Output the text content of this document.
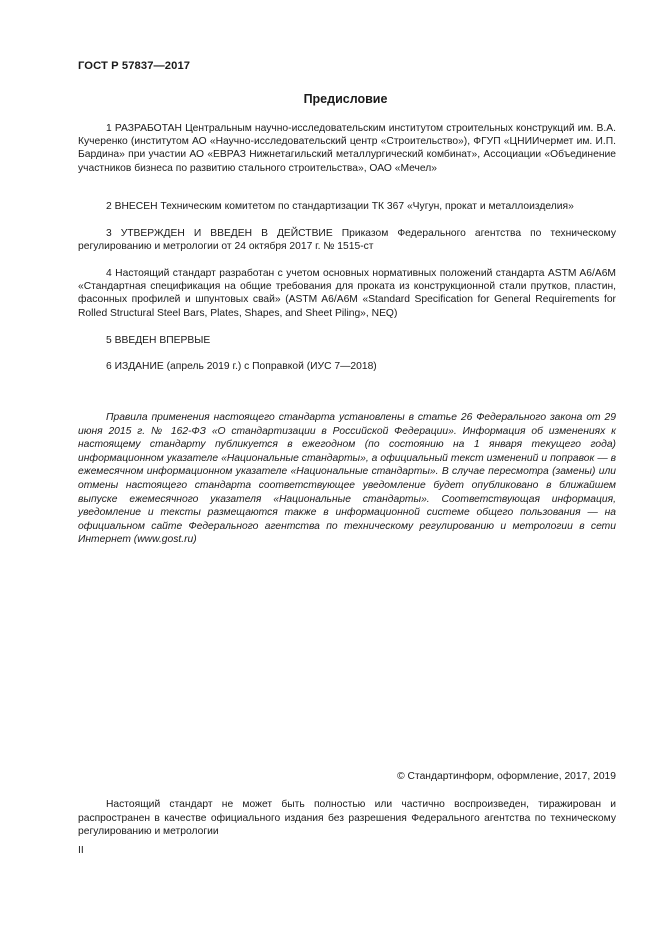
ГОСТ Р 57837—2017
Предисловие

1 РАЗРАБОТАН Центральным научно-исследовательским институтом строительных конструкций им. В.А. Кучеренко (институтом АО «Научно-исследовательский центр «Строительство»), ФГУП «ЦНИИчермет им. И.П. Бардина» при участии АО «ЕВРАЗ Нижнетагильский металлургический комбинат», Ассоциации «Объединение участников бизнеса по развитию стального строительства», ОАО «Мечел»

2 ВНЕСЕН Техническим комитетом по стандартизации ТК 367 «Чугун, прокат и металлоизделия»

3 УТВЕРЖДЕН И ВВЕДЕН В ДЕЙСТВИЕ Приказом Федерального агентства по техническому регулированию и метрологии от 24 октября 2017 г. № 1515-ст

4 Настоящий стандарт разработан с учетом основных нормативных положений стандарта ASTM A6/A6M «Стандартная спецификация на общие требования для проката из конструкционной стали прутков, пластин, фасонных профилей и шпунтовых свай» (ASTM A6/A6M «Standard Specification for General Requirements for Rolled Structural Steel Bars, Plates, Shapes, and Sheet Piling», NEQ)

5 ВВЕДЕН ВПЕРВЫЕ

6 ИЗДАНИЕ (апрель 2019 г.) с Поправкой (ИУС 7—2018)

Правила применения настоящего стандарта установлены в статье 26 Федерального закона от 29 июня 2015 г. № 162-ФЗ «О стандартизации в Российской Федерации». Информация об изменениях к настоящему стандарту публикуется в ежегодном (по состоянию на 1 января текущего года) информационном указателе «Национальные стандарты», а официальный текст изменений и поправок — в ежемесячном информационном указателе «Национальные стандарты». В случае пересмотра (замены) или отмены настоящего стандарта соответствующее уведомление будет опубликовано в ближайшем выпуске ежемесячного указателя «Национальные стандарты». Соответствующая информация, уведомление и тексты размещаются также в информационной системе общего пользования — на официальном сайте Федерального агентства по техническому регулированию и метрологии в сети Интернет (www.gost.ru)

© Стандартинформ, оформление, 2017, 2019

Настоящий стандарт не может быть полностью или частично воспроизведен, тиражирован и распространен в качестве официального издания без разрешения Федерального агентства по техническому регулированию и метрологии

II
